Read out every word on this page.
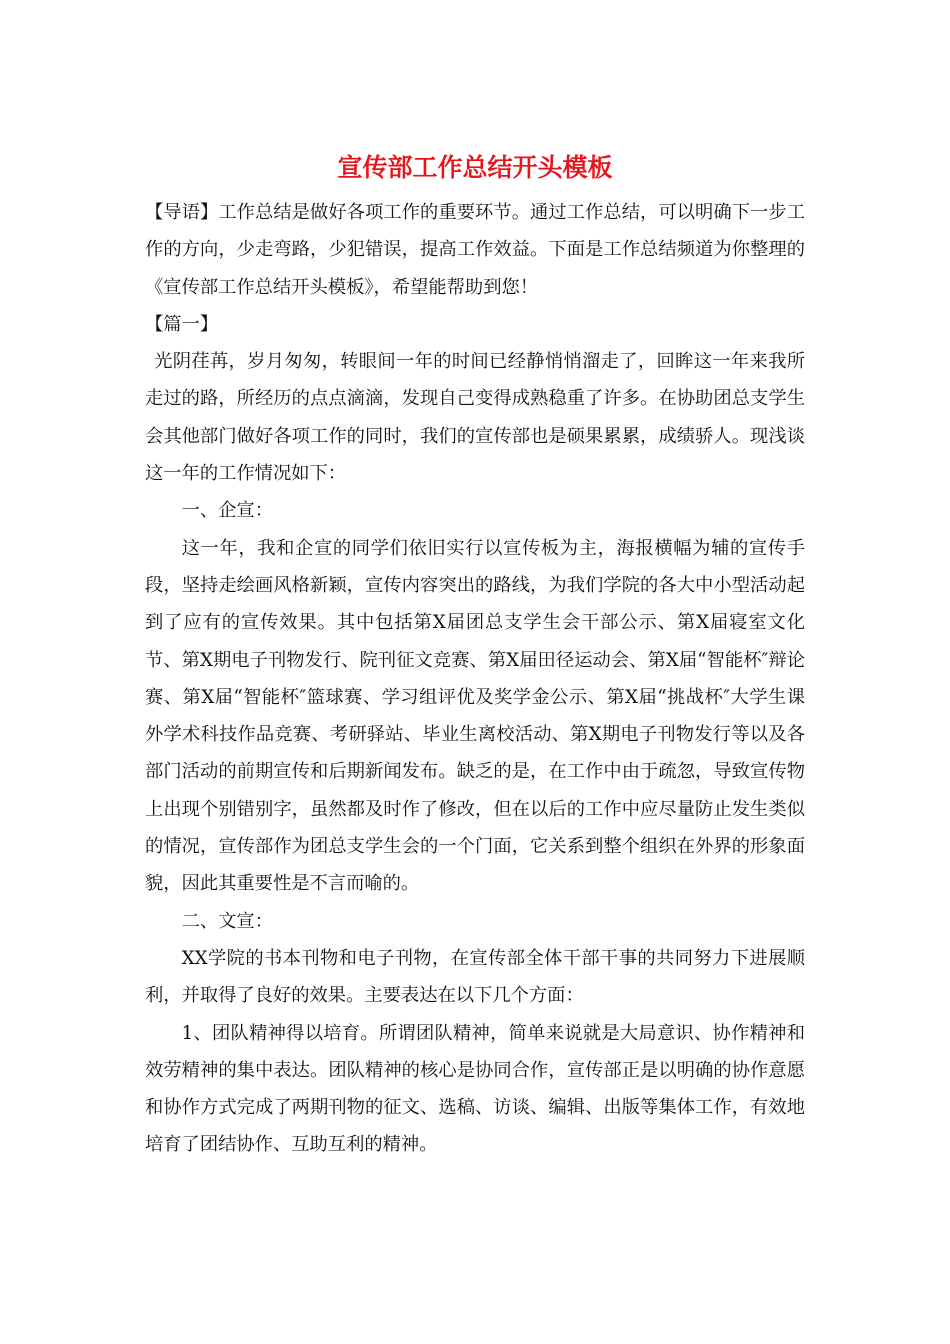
宣传部工作总结开头模板

【导语】工作总结是做好各项工作的重要环节。通过工作总结，可以明确下一步工作的方向，少走弯路，少犯错误，提高工作效益。下面是工作总结频道为你整理的《宣传部工作总结开头模板》，希望能帮助到您！

【篇一】

光阴荏苒，岁月匆匆，转眼间一年的时间已经静悄悄溜走了，回眸这一年来我所走过的路，所经历的点点滴滴，发现自己变得成熟稳重了许多。在协助团总支学生会其他部门做好各项工作的同时，我们的宣传部也是硕果累累，成绩骄人。现浅谈这一年的工作情况如下：

一、企宣：

这一年，我和企宣的同学们依旧实行以宣传板为主，海报横幅为辅的宣传手段，坚持走绘画风格新颖，宣传内容突出的路线，为我们学院的各大中小型活动起到了应有的宣传效果。其中包括第X届团总支学生会干部公示、第X届寝室文化节、第X期电子刊物发行、院刊征文竞赛、第X届田径运动会、第X届“智能杯″辩论赛、第X届“智能杯″篮球赛、学习组评优及奖学金公示、第X届“挑战杯″大学生课外学术科技作品竞赛、考研驿站、毕业生离校活动、第X期电子刊物发行等以及各部门活动的前期宣传和后期新闻发布。缺乏的是，在工作中由于疏忽，导致宣传物上出现个别错别字，虽然都及时作了修改，但在以后的工作中应尽量防止发生类似的情况，宣传部作为团总支学生会的一个门面，它关系到整个组织在外界的形象面貌，因此其重要性是不言而喻的。

二、文宣：

XX学院的书本刊物和电子刊物，在宣传部全体干部干事的共同努力下进展顺利，并取得了良好的效果。主要表达在以下几个方面：

1、团队精神得以培育。所谓团队精神，简单来说就是大局意识、协作精神和效劳精神的集中表达。团队精神的核心是协同合作，宣传部正是以明确的协作意愿和协作方式完成了两期刊物的征文、选稿、访谈、编辑、出版等集体工作，有效地培育了团结协作、互助互利的精神。
